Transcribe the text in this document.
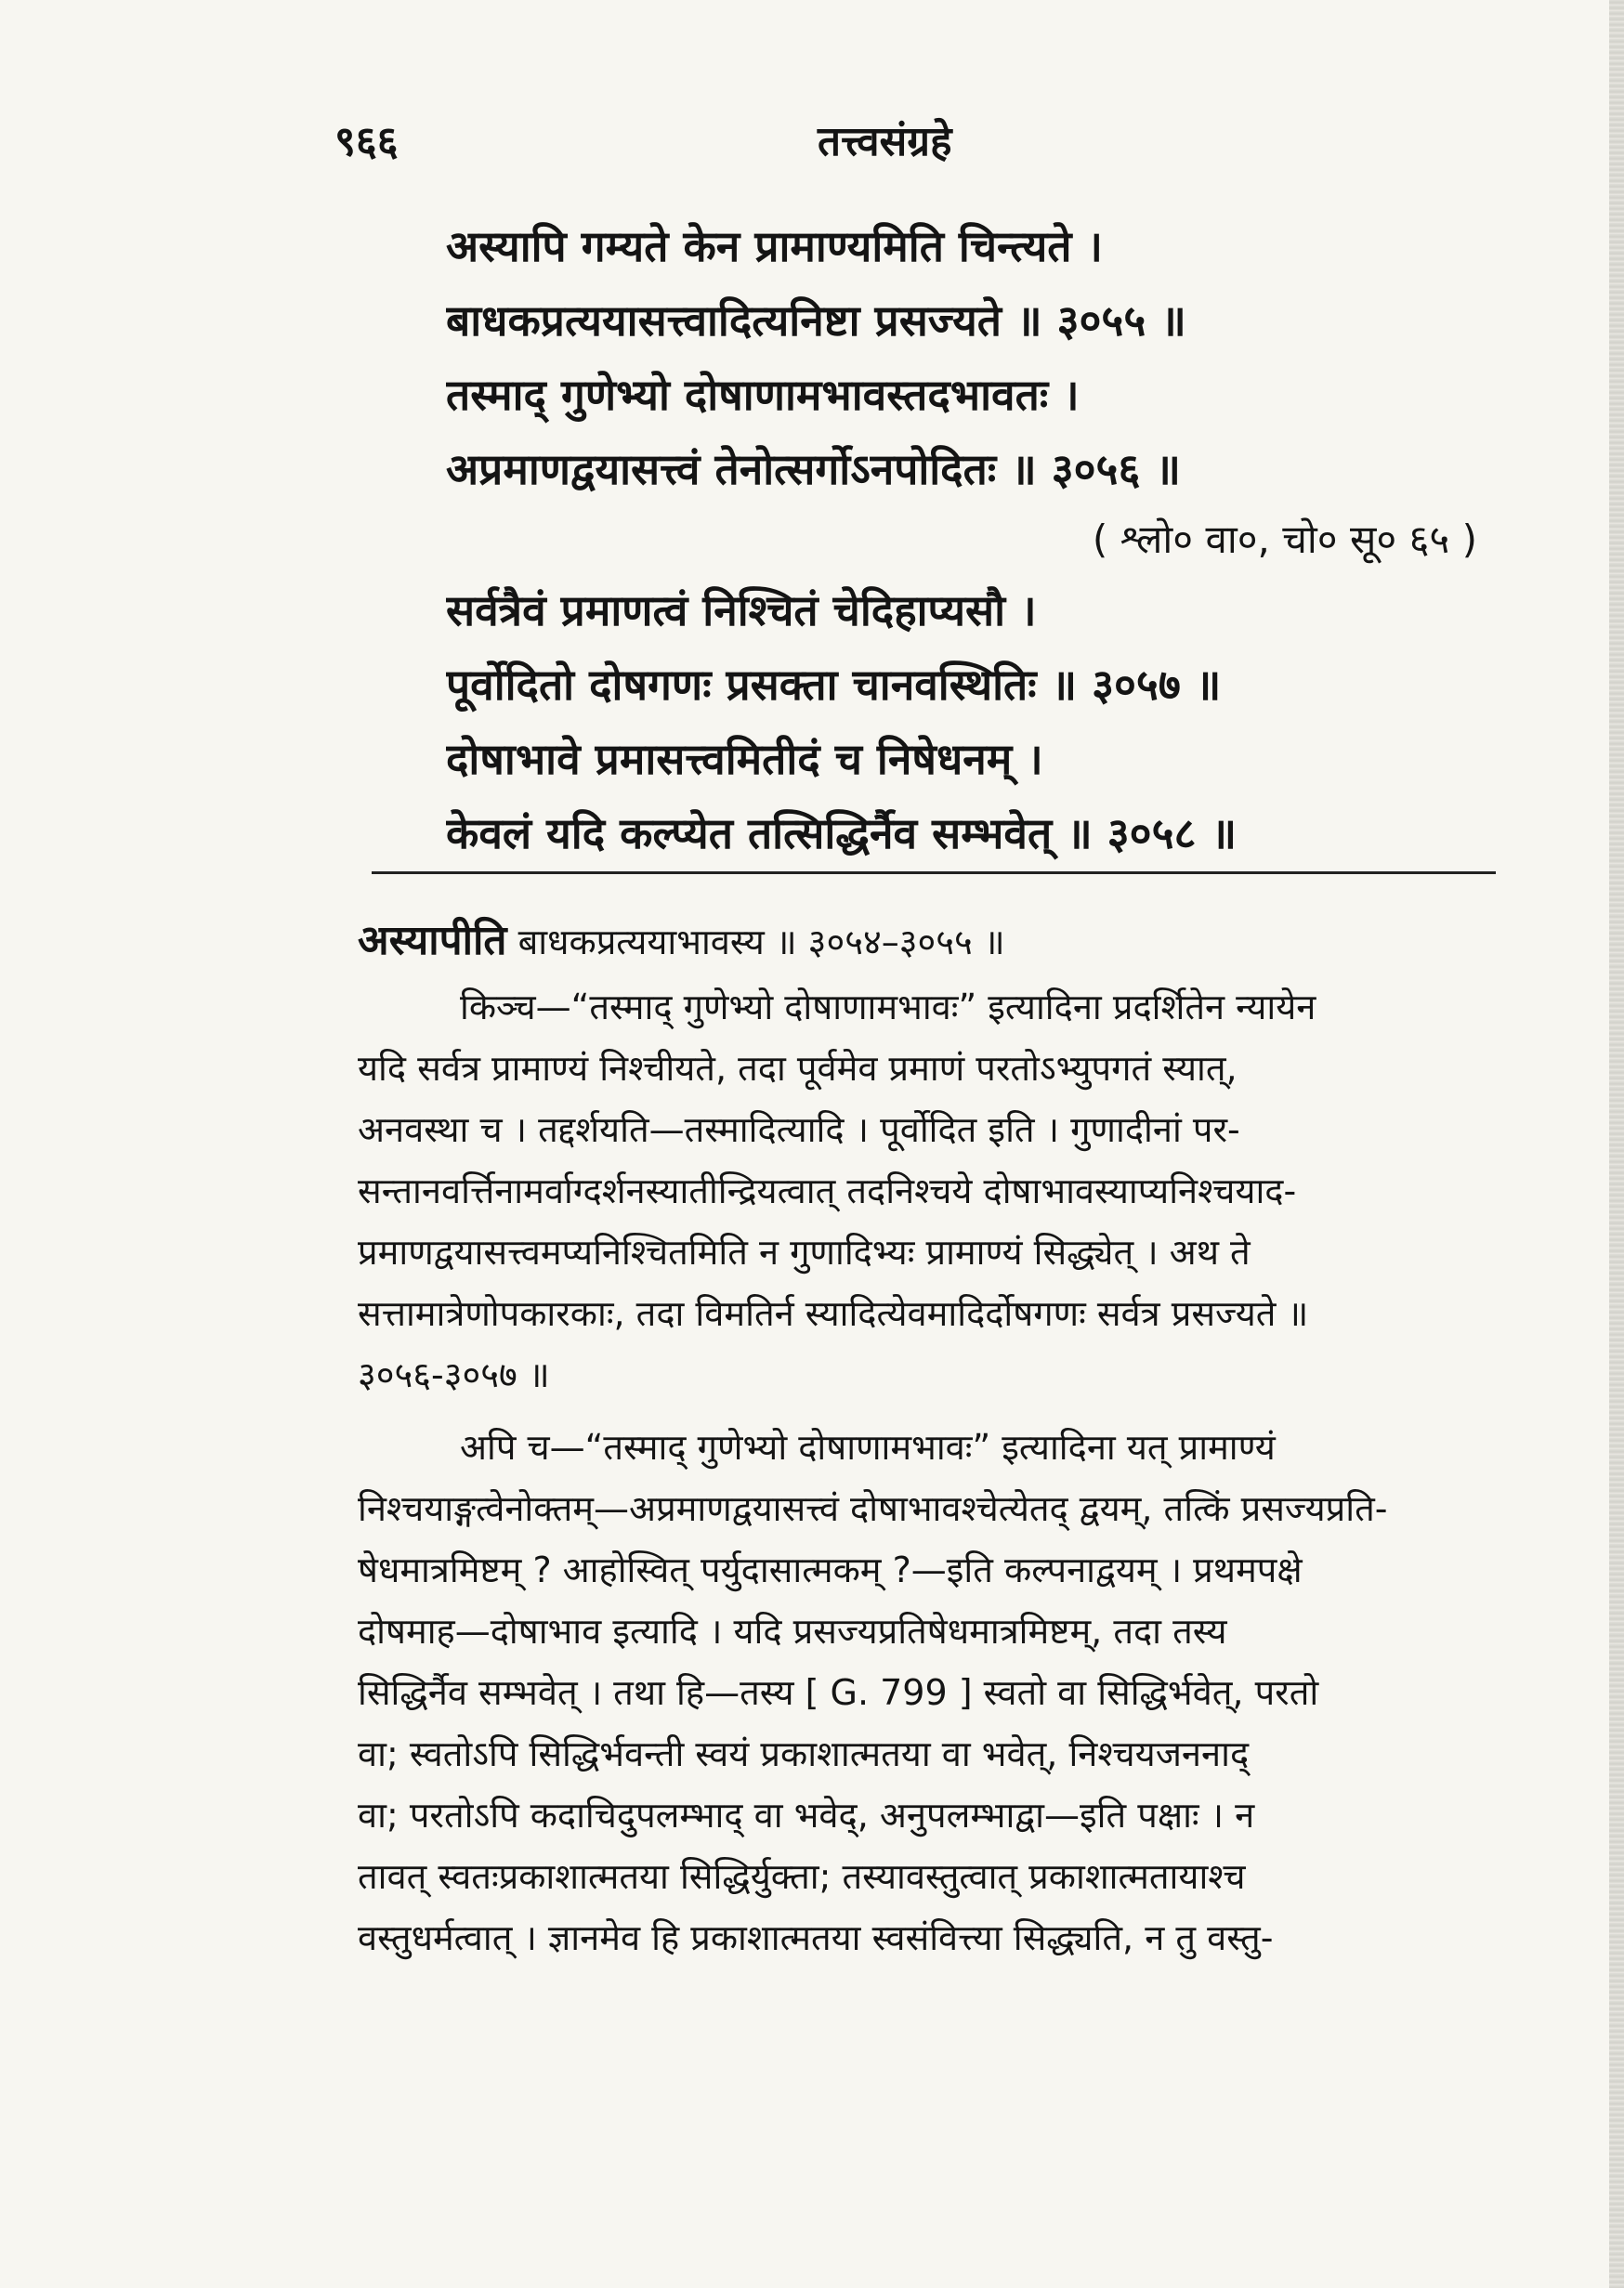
९६६	तत्त्वसंग्रहे
अस्यापि गम्यते केन प्रामाण्यमिति चिन्त्यते ।
बाधकप्रत्ययासत्त्वादित्यनिष्टा प्रसज्यते ॥ ३०५५ ॥
तस्माद् गुणेभ्यो दोषाणामभावस्तदभावतः ।
अप्रमाणद्वयासत्त्वं तेनोत्सर्गोऽनपोदितः ॥ ३०५६ ॥
( श्लो० वा०, चो० सू० ६५ )
सर्वत्रैवं प्रमाणत्वं निश्चितं चेदिहाप्यसौ ।
पूर्वोदितो दोषगणः प्रसक्ता चानवस्थितिः ॥ ३०५७ ॥
दोषाभावे प्रमासत्त्वमितीदं च निषेधनम् ।
केवलं यदि कल्प्येत तत्सिद्धिर्नैव सम्भवेत् ॥ ३०५८ ॥
अस्यापीति बाधकप्रत्ययाभावस्य ॥ ३०५४–३०५५ ॥
किञ्च—“तस्माद् गुणेभ्यो दोषाणामभावः” इत्यादिना प्रदर्शितेन न्यायेन
यदि सर्वत्र प्रामाण्यं निश्चीयते, तदा पूर्वमेव प्रमाणं परतोऽभ्युपगतं स्यात्,
अनवस्था च । तद्दर्शयति—तस्मादित्यादि । पूर्वोदित इति । गुणादीनां पर-
सन्तानवर्त्तिनामर्वाग्दर्शनस्यातीन्द्रियत्वात् तदनिश्चये दोषाभावस्याप्यनिश्चयाद-
प्रमाणद्वयासत्त्वमप्यनिश्चितमिति न गुणादिभ्यः प्रामाण्यं सिद्ध्येत् । अथ ते
सत्तामात्रेणोपकारकाः, तदा विमतिर्न स्यादित्येवमादिर्दोषगणः सर्वत्र प्रसज्यते ॥
३०५६-३०५७ ॥
अपि च—“तस्माद् गुणेभ्यो दोषाणामभावः” इत्यादिना यत् प्रामाण्यं
निश्चयाङ्गत्वेनोक्तम्—अप्रमाणद्वयासत्त्वं दोषाभावश्चेत्येतद् द्वयम्, तत्किं प्रसज्यप्रति-
षेधमात्रमिष्टम् ? आहोस्वित् पर्युदासात्मकम् ?—इति कल्पनाद्वयम् । प्रथमपक्षे
दोषमाह—दोषाभाव इत्यादि । यदि प्रसज्यप्रतिषेधमात्रमिष्टम्, तदा तस्य
सिद्धिर्नैव सम्भवेत् । तथा हि—तस्य [ G. 799 ] स्वतो वा सिद्धिर्भवेत्, परतो
वा; स्वतोऽपि सिद्धिर्भवन्ती स्वयं प्रकाशात्मतया वा भवेत्, निश्चयजननाद्
वा; परतोऽपि कदाचिदुपलम्भाद् वा भवेद्, अनुपलम्भाद्वा—इति पक्षाः । न
तावत् स्वतःप्रकाशात्मतया सिद्धिर्युक्ता; तस्यावस्तुत्वात् प्रकाशात्मतायाश्च
वस्तुधर्मत्वात् । ज्ञानमेव हि प्रकाशात्मतया स्वसंवित्त्या सिद्ध्यति, न तु वस्तु-
